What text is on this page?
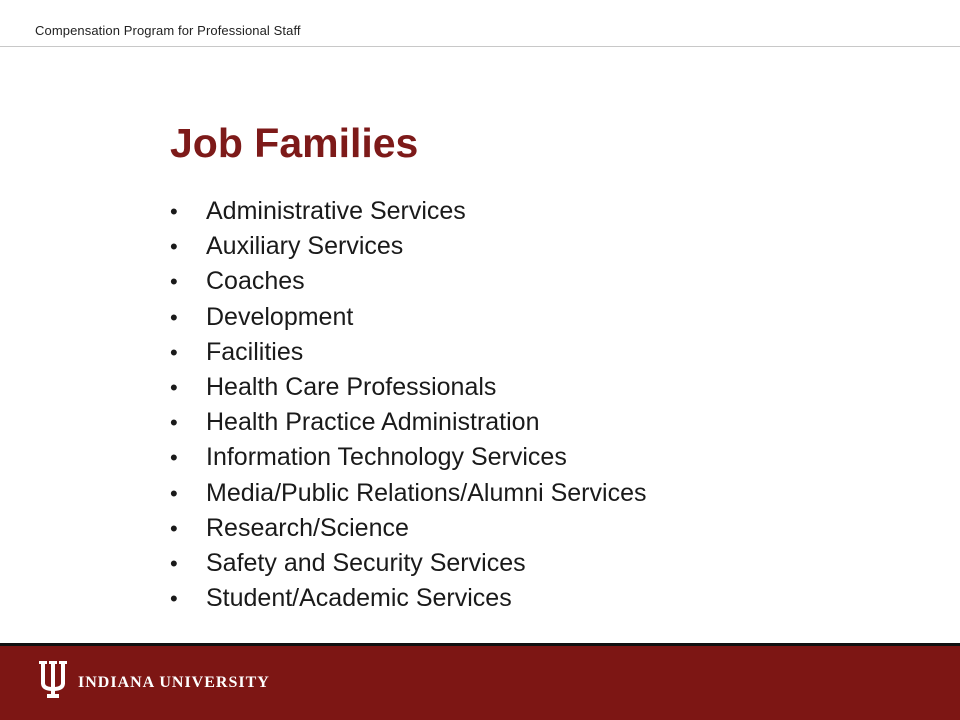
Compensation Program for Professional Staff
Job Families
• Administrative Services
• Auxiliary Services
• Coaches
• Development
• Facilities
• Health Care Professionals
• Health Practice Administration
• Information Technology Services
• Media/Public Relations/Alumni Services
• Research/Science
• Safety and Security Services
• Student/Academic Services
INDIANA UNIVERSITY
